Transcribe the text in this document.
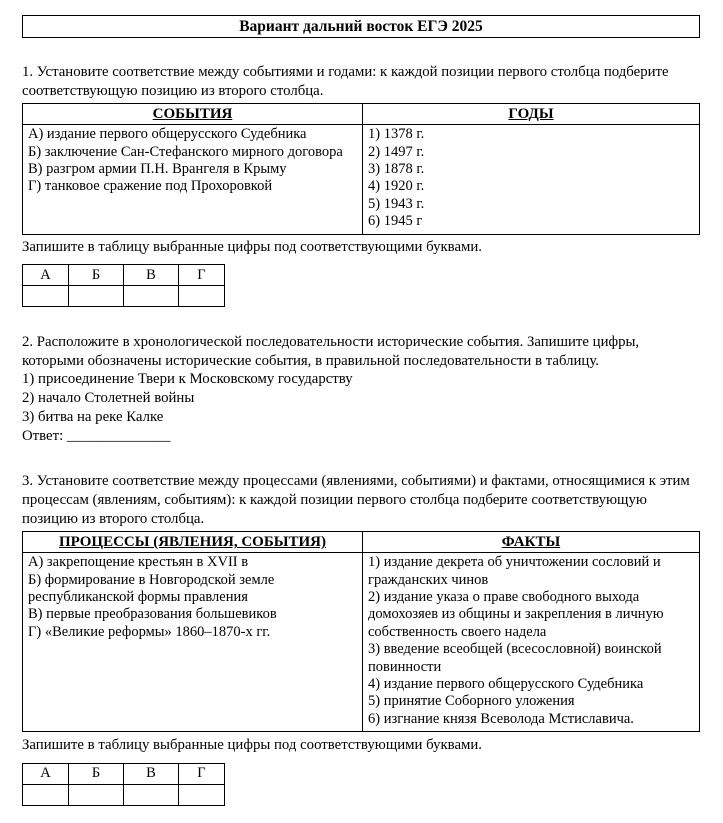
Вариант дальний восток ЕГЭ 2025

1. Установите соответствие между событиями и годами: к каждой позиции первого столбца подберите соответствующую позицию из второго столбца.

СОБЫТИЯ	ГОДЫ
А) издание первого общерусского Судебника
Б) заключение Сан-Стефанского мирного договора
В) разгром армии П.Н. Врангеля в Крыму
Г) танковое сражение под Прохоровкой
1) 1378 г.
2) 1497 г.
3) 1878 г.
4) 1920 г.
5) 1943 г.
6) 1945 г

Запишите в таблицу выбранные цифры под соответствующими буквами.

А	Б	В	Г

2. Расположите в хронологической последовательности исторические события. Запишите цифры, которыми обозначены исторические события, в правильной последовательности в таблицу.

1) присоединение Твери к Московскому государству
2) начало Столетней войны
3) битва на реке Калке
Ответ: ______________

3. Установите соответствие между процессами (явлениями, событиями) и фактами, относящимися к этим процессам (явлениям, событиям): к каждой позиции первого столбца подберите соответствующую позицию из второго столбца.

ПРОЦЕССЫ (ЯВЛЕНИЯ, СОБЫТИЯ)	ФАКТЫ
А) закрепощение крестьян в XVII в
Б) формирование в Новгородской земле республиканской формы правления
В) первые преобразования большевиков
Г) «Великие реформы» 1860–1870-х гг.
1) издание декрета об уничтожении сословий и гражданских чинов
2) издание указа о праве свободного выхода домохозяев из общины и закрепления в личную собственность своего надела
3) введение всеобщей (всесословной) воинской повинности
4) издание первого общерусского Судебника
5) принятие Соборного уложения
6) изгнание князя Всеволода Мстиславича.

Запишите в таблицу выбранные цифры под соответствующими буквами.

А	Б	В	Г
